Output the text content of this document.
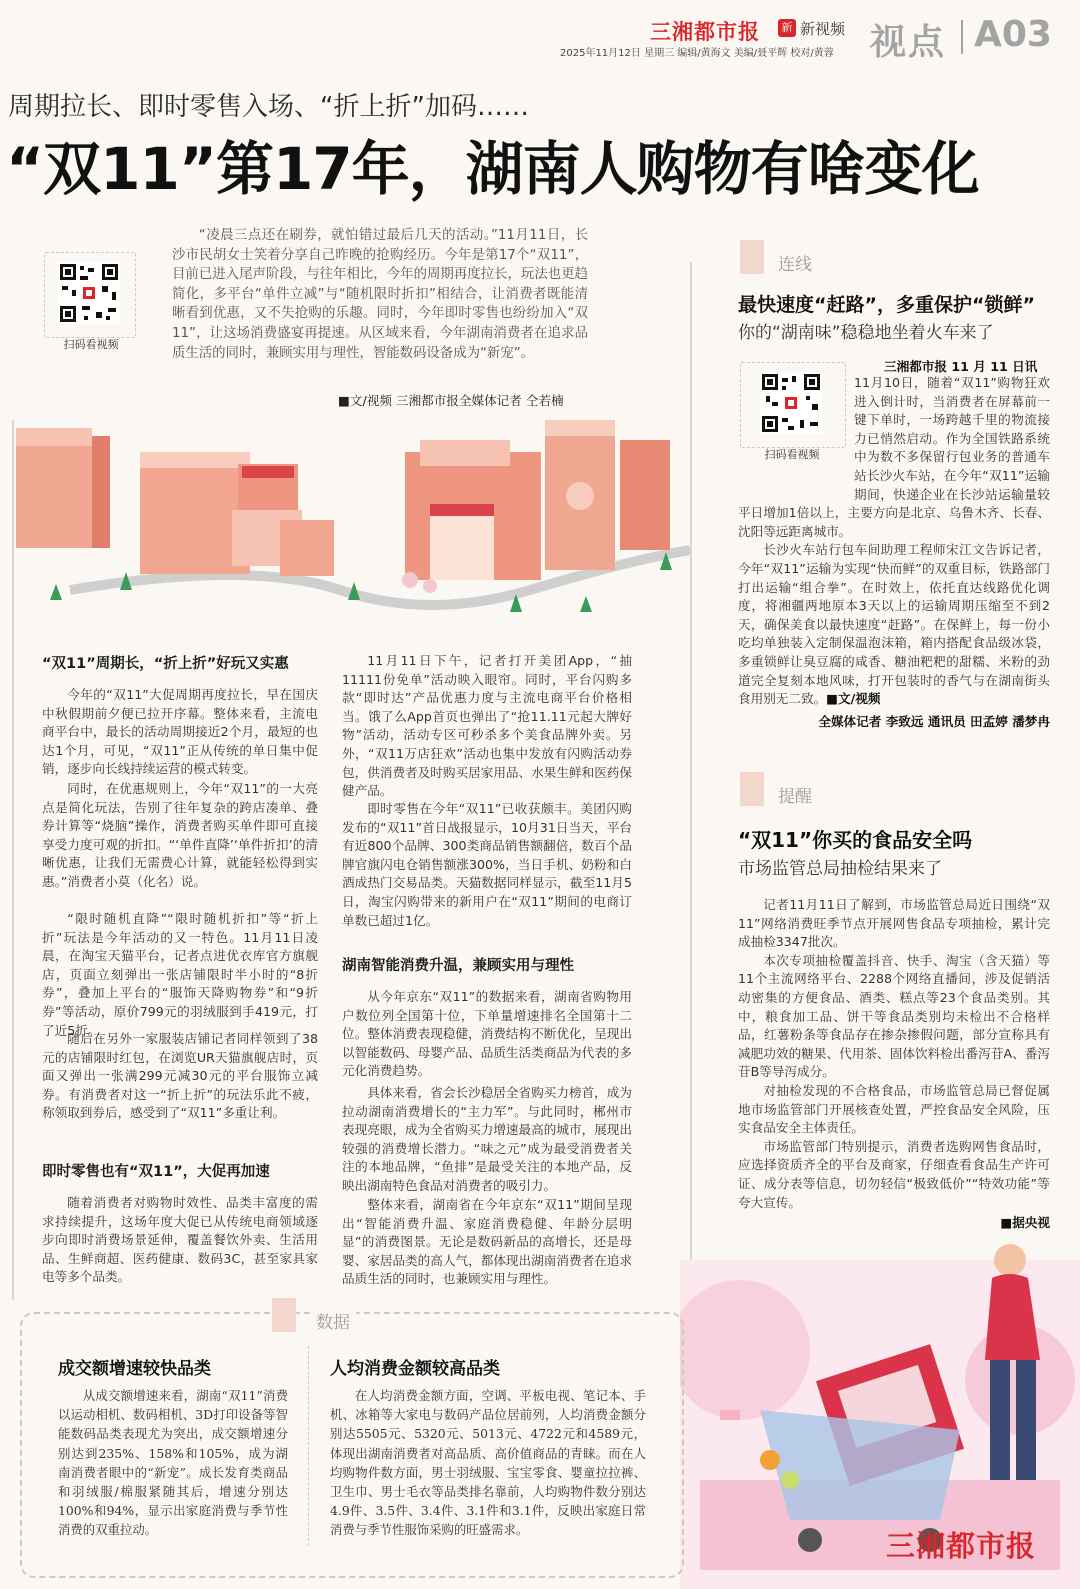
三湘都市报	新 新视频
2025年11月12日 星期三 编辑/黄海文 美编/聂平辉 校对/黄蓉 视点 A03
周期拉长、即时零售入场、“折上折”加码……
“双11”第17年，湖南人购物有啥变化
扫码看视频

“凌晨三点还在刷券，就怕错过最后几天的活动。”11月11日，长沙市民胡女士笑着分享自己昨晚的抢购经历。今年是第17个“双11”，目前已进入尾声阶段，与往年相比，今年的周期再度拉长，玩法也更趋简化，多平台“单件立减”与“随机限时折扣”相结合，让消费者既能清晰看到优惠，又不失抢购的乐趣。同时，今年即时零售也纷纷加入“双11”，让这场消费盛宴再提速。从区域来看，今年湖南消费者在追求品质生活的同时，兼顾实用与理性，智能数码设备成为“新宠”。

■文/视频 三湘都市报全媒体记者 仝若楠
“双11”周期长，“折上折”好玩又实惠

今年的“双11”大促周期再度拉长，早在国庆中秋假期前夕便已拉开序幕。整体来看，主流电商平台中，最长的活动周期接近2个月，最短的也达1个月，可见，“双11”正从传统的单日集中促销，逐步向长线持续运营的模式转变。

同时，在优惠规则上，今年“双11”的一大亮点是简化玩法，告别了往年复杂的跨店凑单、叠券计算等“烧脑”操作，消费者购买单件即可直接享受力度可观的折扣。“‘单件直降’‘单件折扣’的清晰优惠，让我们无需费心计算，就能轻松得到实惠。”消费者小莫（化名）说。

“限时随机直降”“限时随机折扣”等“折上折”玩法是今年活动的又一特色。11月11日凌晨，在淘宝天猫平台，记者点进优衣库官方旗舰店，页面立刻弹出一张店铺限时半小时的“8折券”，叠加上平台的“服饰天降购物券”和“9折券”等活动，原价799元的羽绒服到手419元，打了近5折。

随后在另外一家服装店铺记者同样领到了38元的店铺限时红包，在浏览UR天猫旗舰店时，页面又弹出一张满299元减30元的平台服饰立减券。有消费者对这一“折上折”的玩法乐此不疲，称领取到券后，感受到了“双11”多重让利。

即时零售也有“双11”，大促再加速

随着消费者对购物时效性、品类丰富度的需求持续提升，这场年度大促已从传统电商领域逐步向即时消费场景延伸，覆盖餐饮外卖、生活用品、生鲜商超、医药健康、数码3C，甚至家具家电等多个品类。

11月11日下午，记者打开美团App，“抽11111份免单”活动映入眼帘。同时，平台闪购多款“即时达”产品优惠力度与主流电商平台价格相当。饿了么App首页也弹出了“抢11.11元起大牌好物”活动，活动专区可秒杀多个美食品牌外卖。另外，“双11万店狂欢”活动也集中发放有闪购活动券包，供消费者及时购买居家用品、水果生鲜和医药保健产品。

即时零售在今年“双11”已收获颇丰。美团闪购发布的“双11”首日战报显示，10月31日当天，平台有近800个品牌、300类商品销售额翻倍，数百个品牌官旗闪电仓销售额涨300%，当日手机、奶粉和白酒成热门交易品类。天猫数据同样显示，截至11月5日，淘宝闪购带来的新用户在“双11”期间的电商订单数已超过1亿。

湖南智能消费升温，兼顾实用与理性

从今年京东“双11”的数据来看，湖南省购物用户数位列全国第十位，下单量增速排名全国第十二位。整体消费表现稳健，消费结构不断优化，呈现出以智能数码、母婴产品、品质生活类商品为代表的多元化消费趋势。

具体来看，省会长沙稳居全省购买力榜首，成为拉动湖南消费增长的“主力军”。与此同时，郴州市表现亮眼，成为全省购买力增速最高的城市，展现出较强的消费增长潜力。“味之元”成为最受消费者关注的本地品牌，“鱼排”是最受关注的本地产品，反映出湖南特色食品对消费者的吸引力。

整体来看，湖南省在今年京东“双11”期间呈现出“智能消费升温、家庭消费稳健、年龄分层明显”的消费图景。无论是数码新品的高增长，还是母婴、家居品类的高人气，都体现出湖南消费者在追求品质生活的同时，也兼顾实用与理性。

连线
最快速度“赶路”，多重保护“锁鲜”
你的“湖南味”稳稳地坐着火车来了
三湘都市报 11 月 11 日讯
扫码看视频

11月10日，随着“双11”购物狂欢进入倒计时，当消费者在屏幕前一键下单时，一场跨越千里的物流接力已悄然启动。作为全国铁路系统中为数不多保留行包业务的普通车站长沙火车站，在今年“双11”运输期间，快递企业在长沙站运输量较平日增加1倍以上，主要方向是北京、乌鲁木齐、长春、沈阳等远距离城市。

长沙火车站行包车间助理工程师宋江文告诉记者，今年“双11”运输为实现“快而鲜”的双重目标，铁路部门打出运输“组合拳”。在时效上，依托直达线路优化调度，将湘疆两地原本3天以上的运输周期压缩至不到2天，确保美食以最快速度“赶路”。在保鲜上，每一份小吃均单独装入定制保温泡沫箱，箱内搭配食品级冰袋，多重锁鲜让臭豆腐的咸香、糖油粑粑的甜糯、米粉的劲道完全复刻本地风味，打开包装时的香气与在湖南街头食用别无二致。■文/视频

全媒体记者 李致远 通讯员 田孟婷 潘梦冉
提醒
“双11”你买的食品安全吗
市场监管总局抽检结果来了

记者11月11日了解到，市场监管总局近日围绕“双11”网络消费旺季节点开展网售食品专项抽检，累计完成抽检3347批次。

本次专项抽检覆盖抖音、快手、淘宝（含天猫）等11个主流网络平台、2288个网络直播间，涉及促销活动密集的方便食品、酒类、糕点等23个食品类别。其中，粮食加工品、饼干等食品类别均未检出不合格样品，红薯粉条等食品存在掺杂掺假问题，部分宣称具有减肥功效的糖果、代用茶、固体饮料检出番泻苷A、番泻苷B等导泻成分。

对抽检发现的不合格食品，市场监管总局已督促属地市场监管部门开展核查处置，严控食品安全风险，压实食品安全主体责任。

市场监管部门特别提示，消费者选购网售食品时，应选择资质齐全的平台及商家，仔细查看食品生产许可证、成分表等信息，切勿轻信“极致低价”“特效功能”等夸大宣传。

■据央视
三湘都市报
数据
成交额增速较快品类

从成交额增速来看，湖南“双11”消费以运动相机、数码相机、3D打印设备等智能数码品类表现尤为突出，成交额增速分别达到235%、158%和105%，成为湖南消费者眼中的“新宠”。成长发育类商品和羽绒服/棉服紧随其后，增速分别达100%和94%，显示出家庭消费与季节性消费的双重拉动。

人均消费金额较高品类

在人均消费金额方面，空调、平板电视、笔记本、手机、冰箱等大家电与数码产品位居前列，人均消费金额分别达5505元、5320元、5013元、4722元和4589元，体现出湖南消费者对高品质、高价值商品的青睐。而在人均购物件数方面，男士羽绒服、宝宝零食、婴童拉拉裤、卫生巾、男士毛衣等品类排名靠前，人均购物件数分别达4.9件、3.5件、3.4件、3.1件和3.1件，反映出家庭日常消费与季节性服饰采购的旺盛需求。
